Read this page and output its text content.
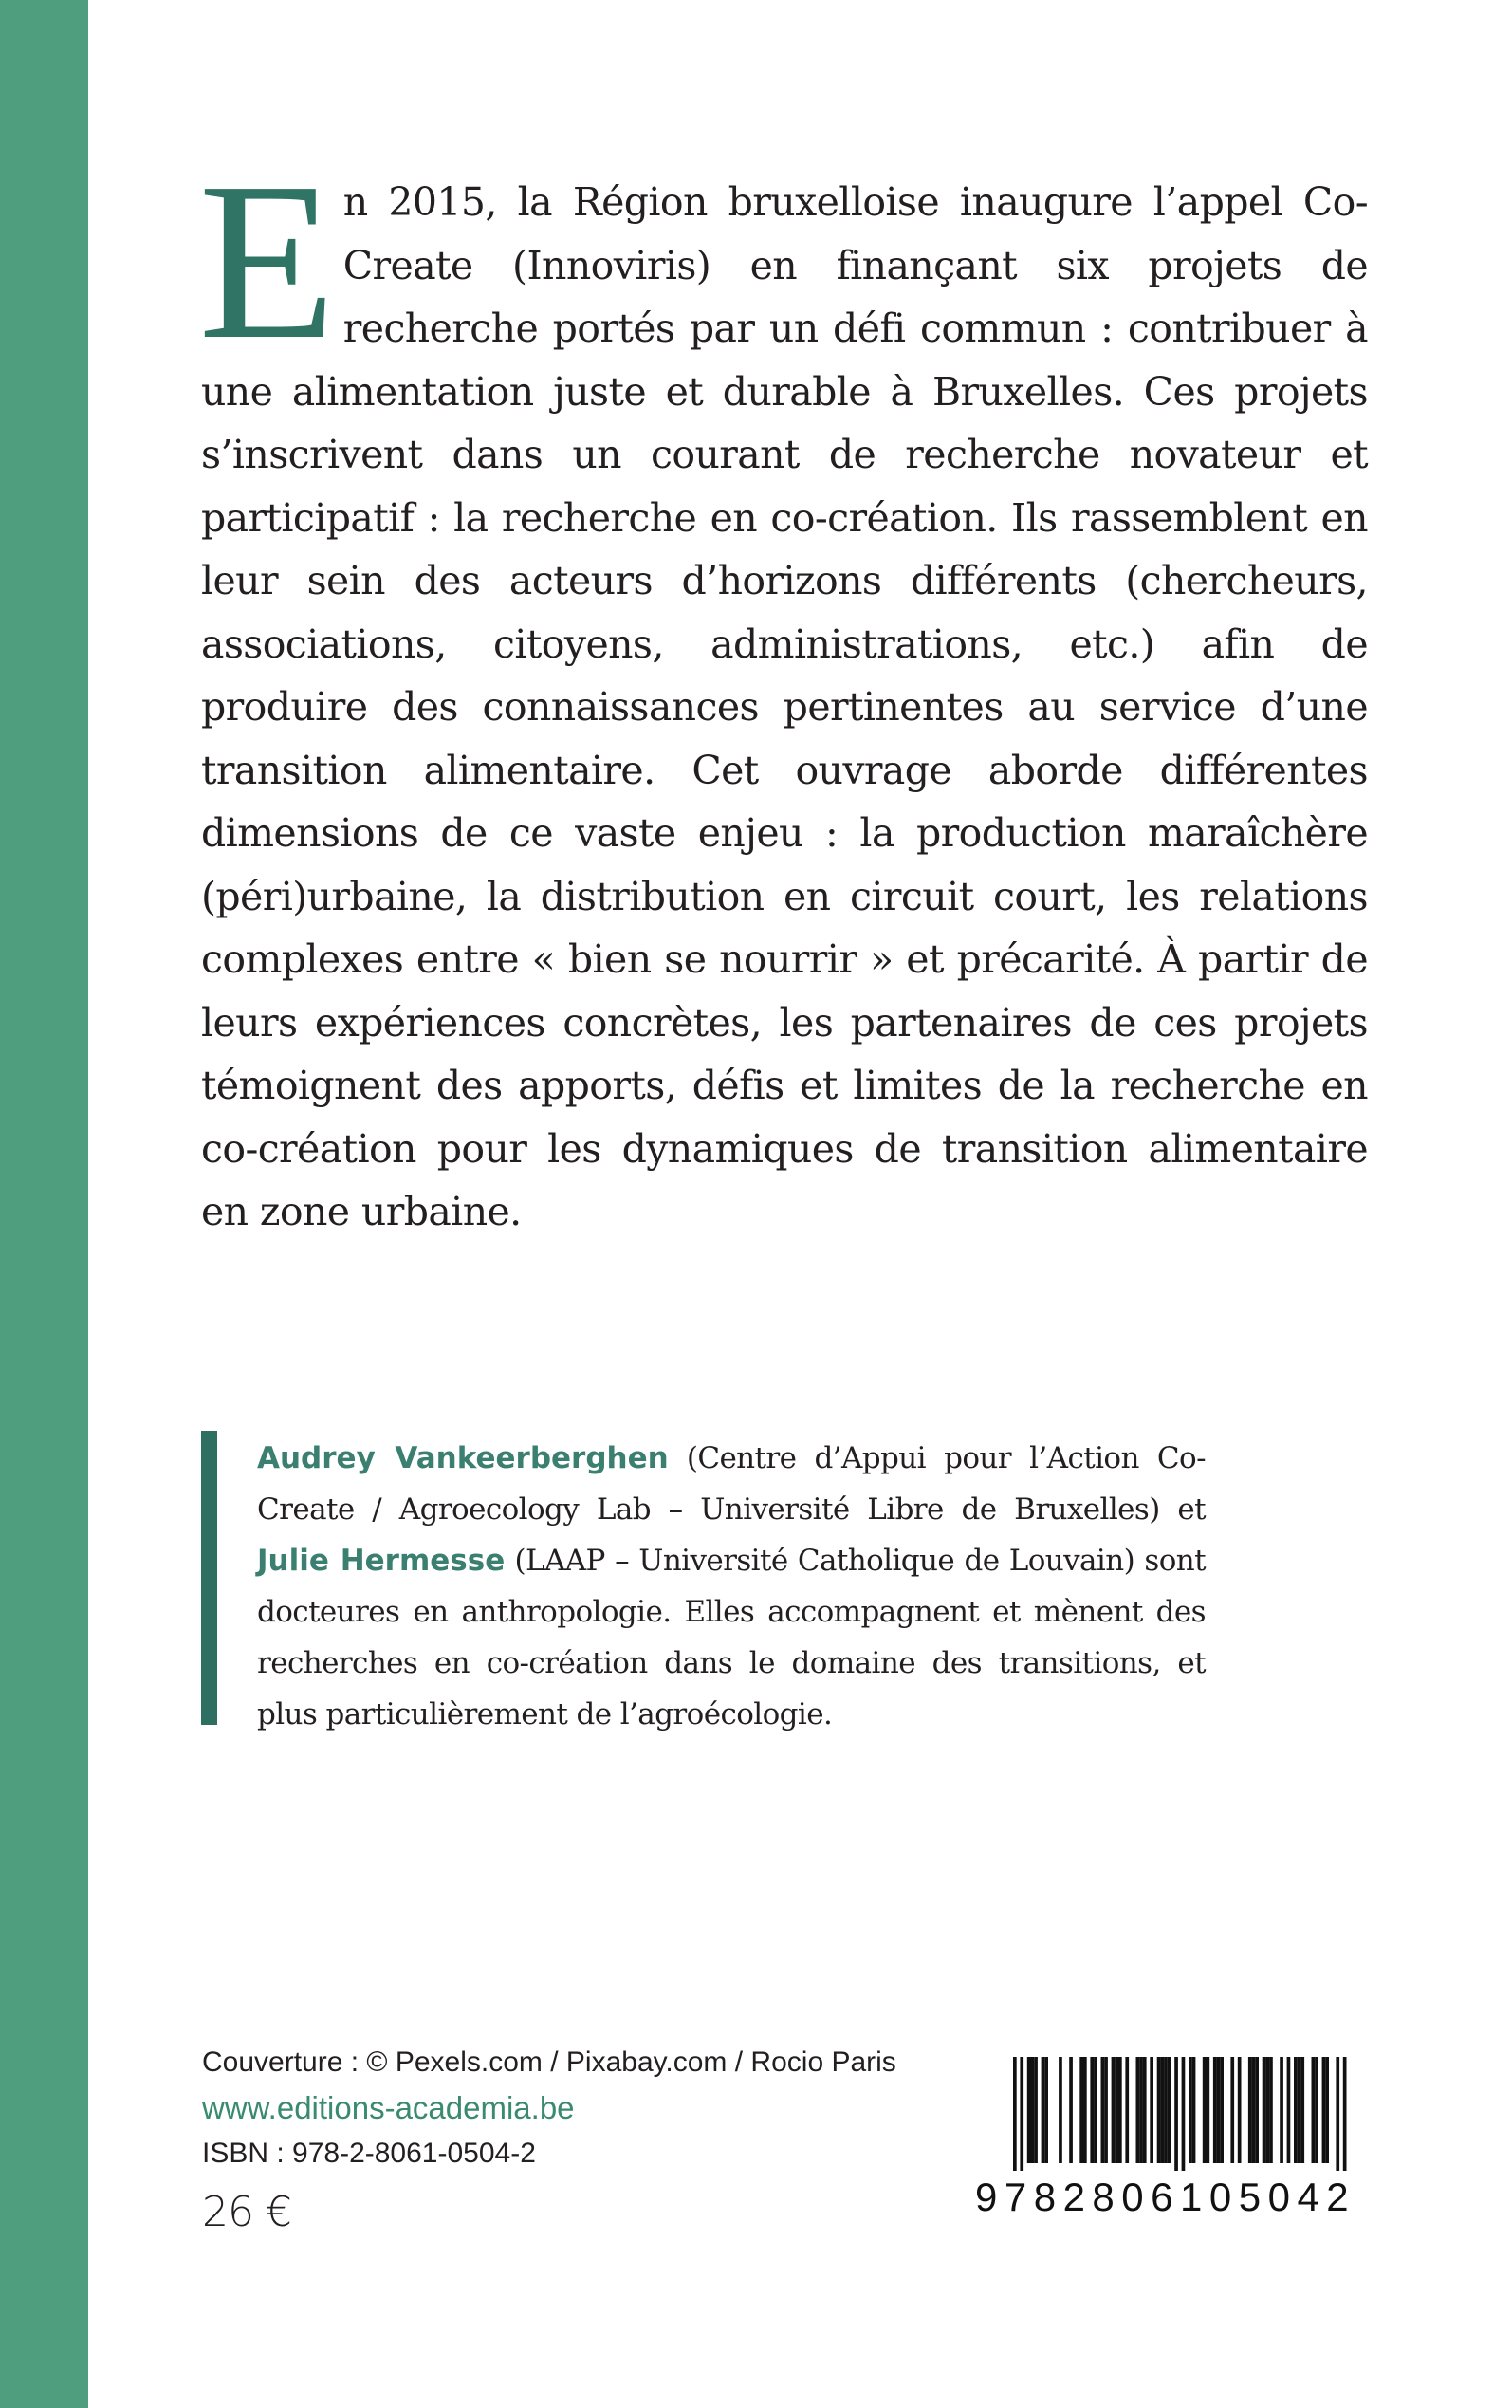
E n 2015, la Région bruxelloise inaugure l’appel Co-Create (Innoviris) en finançant six projets de recherche portés par un défi commun : contribuer à une alimentation juste et durable à Bruxelles. Ces projets s’inscrivent dans un courant de recherche novateur et participatif : la recherche en co-création. Ils rassemblent en leur sein des acteurs d’horizons différents (chercheurs, associations, citoyens, administrations, etc.) afin de produire des connaissances pertinentes au service d’une transition alimentaire. Cet ouvrage aborde différentes dimensions de ce vaste enjeu : la production maraîchère (péri)urbaine, la distribution en circuit court, les relations complexes entre « bien se nourrir » et précarité. À partir de leurs expériences concrètes, les partenaires de ces projets témoignent des apports, défis et limites de la recherche en co-création pour les dynamiques de transition alimentaire en zone urbaine.
Audrey Vankeerberghen (Centre d’Appui pour l’Action Co-Create / Agroecology Lab – Université Libre de Bruxelles) et Julie Hermesse (LAAP – Université Catholique de Louvain) sont docteures en anthropologie. Elles accompagnent et mènent des recherches en co-création dans le domaine des transitions, et plus particulièrement de l’agroécologie.
Couverture : © Pexels.com / Pixabay.com / Rocio Paris
www.editions-academia.be
ISBN : 978-2-8061-0504-2
26 €	9782806105042
